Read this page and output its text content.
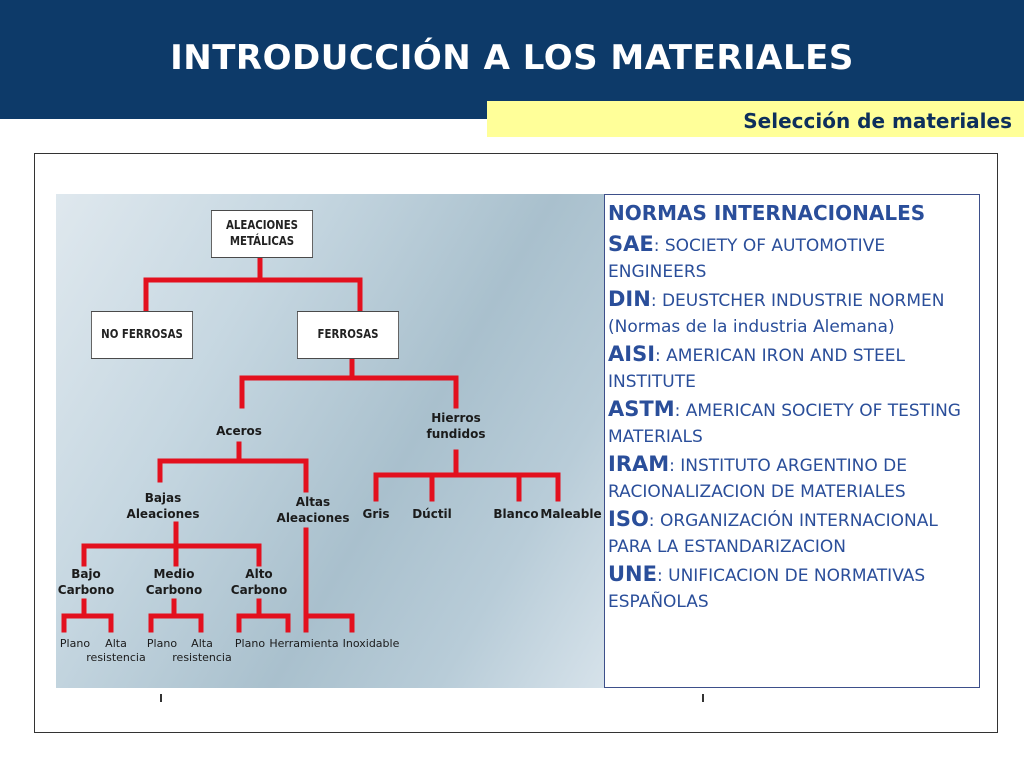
INTRODUCCIÓN A LOS MATERIALES
Selección de materiales
ALEACIONES
METÁLICAS
NO FERROSAS	FERROSAS
Aceros
Hierros
fundidos
Bajas
Aleaciones
Altas
Aleaciones	Gris	Dúctil	Blanco Maleable
Bajo
Carbono
Medio
Carbono
Alto
Carbono
Plano	Alta
resistencia
Plano	Alta
resistencia
Plano Herramienta Inoxidable
NORMAS INTERNACIONALES
SAE: SOCIETY OF AUTOMOTIVE ENGINEERS
DIN: DEUSTCHER INDUSTRIE NORMEN (Normas de la industria Alemana)
AISI: AMERICAN IRON AND STEEL INSTITUTE
ASTM: AMERICAN SOCIETY OF TESTING MATERIALS
IRAM: INSTITUTO ARGENTINO DE RACIONALIZACION DE MATERIALES
ISO: ORGANIZACIÓN INTERNACIONAL PARA LA ESTANDARIZACION
UNE: UNIFICACION DE NORMATIVAS ESPAÑOLAS
